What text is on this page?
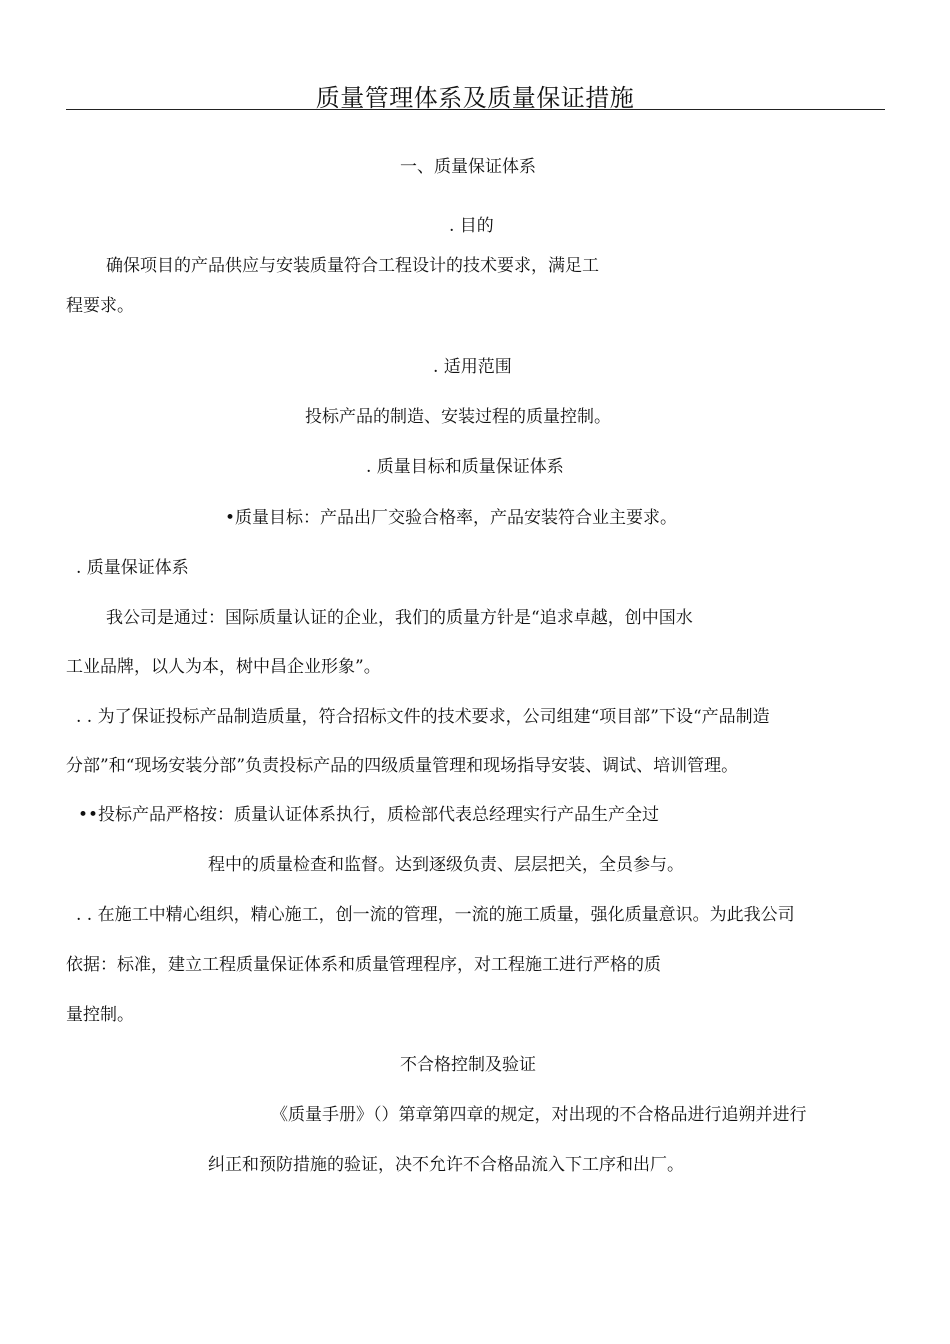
质量管理体系及质量保证措施

一、质量保证体系

. 目的

确保项目的产品供应与安装质量符合工程设计的技术要求，满足工

程要求。

. 适用范围

投标产品的制造、安装过程的质量控制。

. 质量目标和质量保证体系

•质量目标：产品出厂交验合格率，产品安装符合业主要求。

. 质量保证体系

我公司是通过：国际质量认证的企业，我们的质量方针是“追求卓越，创中国水

工业品牌，以人为本，树中昌企业形象”。

. . 为了保证投标产品制造质量，符合招标文件的技术要求，公司组建“项目部”下设“产品制造

分部”和“现场安装分部”负责投标产品的四级质量管理和现场指导安装、调试、培训管理。

••投标产品严格按：质量认证体系执行，质检部代表总经理实行产品生产全过

程中的质量检查和监督。达到逐级负责、层层把关，全员参与。

. . 在施工中精心组织，精心施工，创一流的管理，一流的施工质量，强化质量意识。为此我公司

依据：标准，建立工程质量保证体系和质量管理程序，对工程施工进行严格的质

量控制。

不合格控制及验证

《质量手册》（）第章第四章的规定，对出现的不合格品进行追朔并进行

纠正和预防措施的验证，决不允许不合格品流入下工序和出厂。
